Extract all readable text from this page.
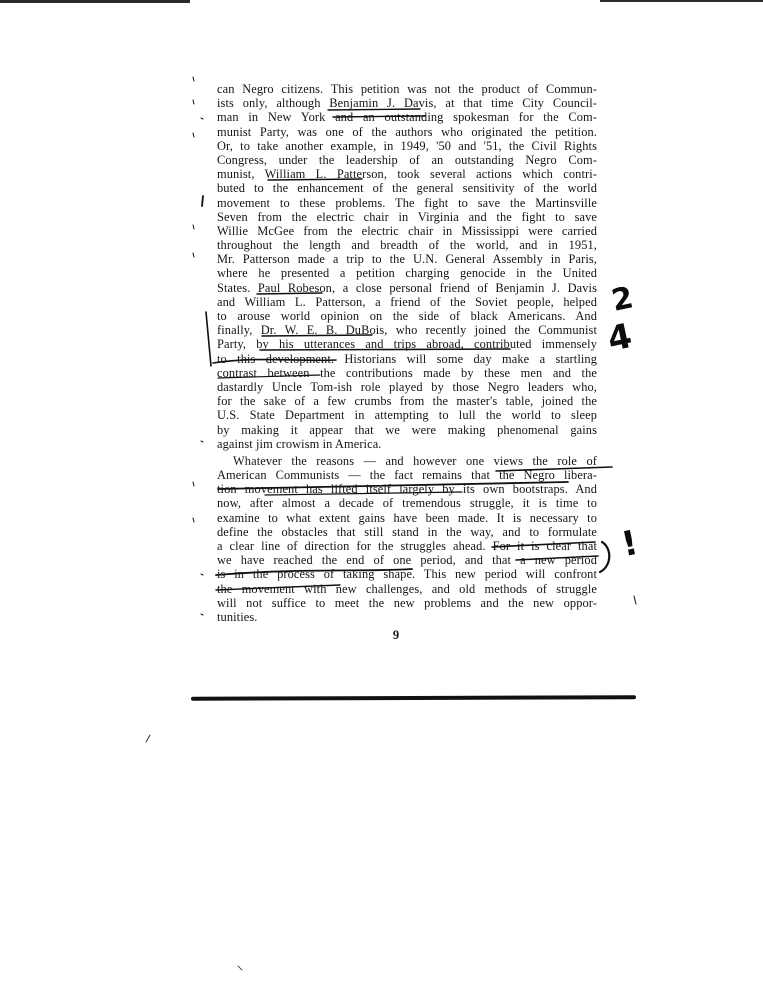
can Negro citizens. This petition was not the product of Commun-
ists only, although Benjamin J. Davis, at that time City Council-
man in New York and an outstanding spokesman for the Com-
munist Party, was one of the authors who originated the petition.
Or, to take another example, in 1949, '50 and '51, the Civil Rights
Congress, under the leadership of an outstanding Negro Com-
munist, William L. Patterson, took several actions which contri-
buted to the enhancement of the general sensitivity of the world
movement to these problems. The fight to save the Martinsville
Seven from the electric chair in Virginia and the fight to save
Willie McGee from the electric chair in Mississippi were carried
throughout the length and breadth of the world, and in 1951,
Mr. Patterson made a trip to the U.N. General Assembly in Paris,
where he presented a petition charging genocide in the United
States. Paul Robeson, a close personal friend of Benjamin J. Davis
and William L. Patterson, a friend of the Soviet people, helped
to arouse world opinion on the side of black Americans. And
finally, Dr. W. E. B. DuBois, who recently joined the Communist
Party, by his utterances and trips abroad, contributed immensely
to this development. Historians will some day make a startling
contrast between the contributions made by these men and the
dastardly Uncle Tom-ish role played by those Negro leaders who,
for the sake of a few crumbs from the master's table, joined the
U.S. State Department in attempting to lull the world to sleep
by making it appear that we were making phenomenal gains
against jim crowism in America.
Whatever the reasons — and however one views the role of
American Communists — the fact remains that the Negro libera-
tion movement has lifted itself largely by its own bootstraps. And
now, after almost a decade of tremendous struggle, it is time to
examine to what extent gains have been made. It is necessary to
define the obstacles that still stand in the way, and to formulate
a clear line of direction for the struggles ahead. For it is clear that
we have reached the end of one period, and that a new period
is in the process of taking shape. This new period will confront
the movement with new challenges, and old methods of struggle
will not suffice to meet the new problems and the new oppor-
tunities.
9
2
4
!
